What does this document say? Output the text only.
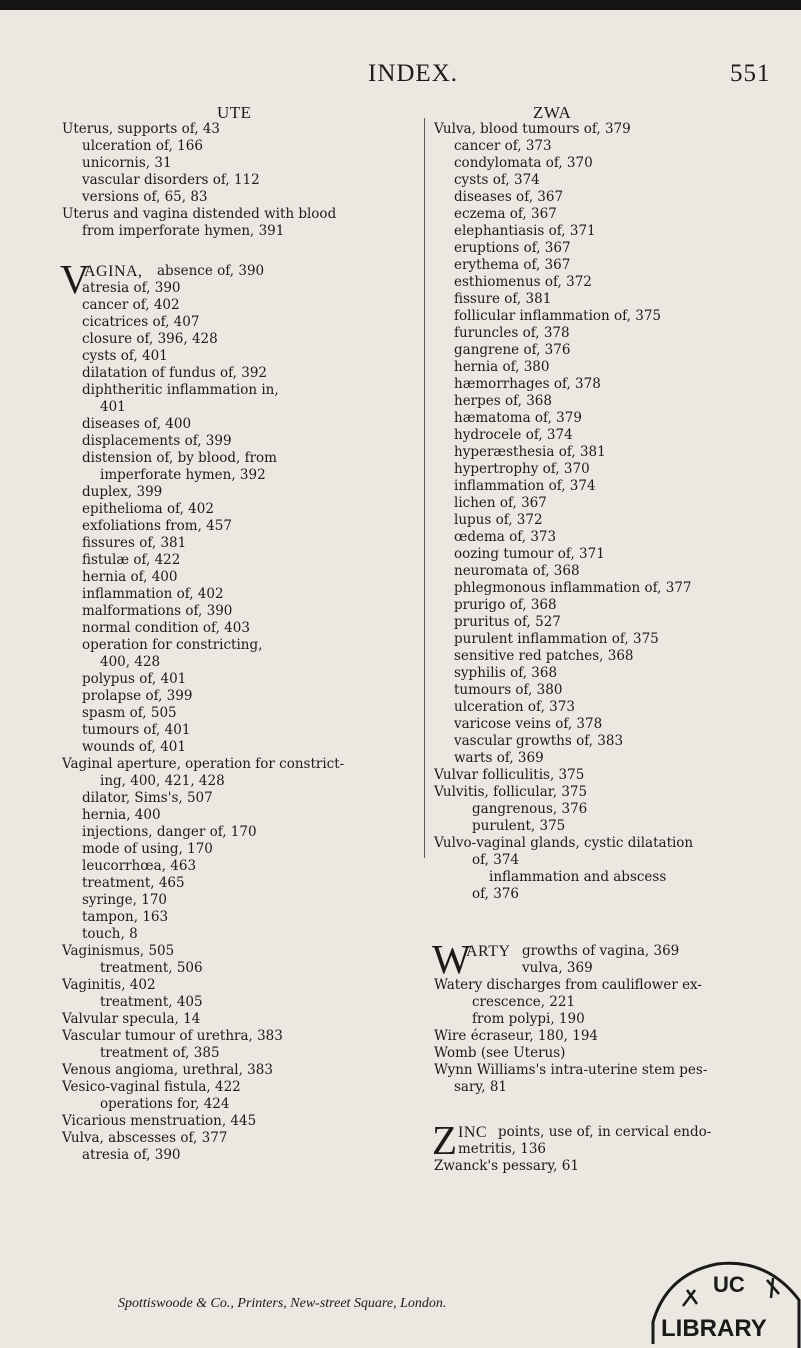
INDEX.	551
UTE	ZWA
Uterus, supports of, 43
ulceration of, 166
unicornis, 31
vascular disorders of, 112
versions of, 65, 83
Uterus and vagina distended with blood
from imperforate hymen, 391
V
AGINA, absence of, 390
atresia of, 390
cancer of, 402
cicatrices of, 407
closure of, 396, 428
cysts of, 401
dilatation of fundus of, 392
diphtheritic inflammation in,
401
diseases of, 400
displacements of, 399
distension of, by blood, from
imperforate hymen, 392
duplex, 399
epithelioma of, 402
exfoliations from, 457
fissures of, 381
fistulæ of, 422
hernia of, 400
inflammation of, 402
malformations of, 390
normal condition of, 403
operation for constricting,
400, 428
polypus of, 401
prolapse of, 399
spasm of, 505
tumours of, 401
wounds of, 401
Vaginal aperture, operation for constrict-
ing, 400, 421, 428
dilator, Sims's, 507
hernia, 400
injections, danger of, 170
mode of using, 170
leucorrhœa, 463
treatment, 465
syringe, 170
tampon, 163
touch, 8
Vaginismus, 505
treatment, 506
Vaginitis, 402
treatment, 405
Valvular specula, 14
Vascular tumour of urethra, 383
treatment of, 385
Venous angioma, urethral, 383
Vesico-vaginal fistula, 422
operations for, 424
Vicarious menstruation, 445
Vulva, abscesses of, 377
atresia of, 390
Vulva, blood tumours of, 379
cancer of, 373
condylomata of, 370
cysts of, 374
diseases of, 367
eczema of, 367
elephantiasis of, 371
eruptions of, 367
erythema of, 367
esthiomenus of, 372
fissure of, 381
follicular inflammation of, 375
furuncles of, 378
gangrene of, 376
hernia of, 380
hæmorrhages of, 378
herpes of, 368
hæmatoma of, 379
hydrocele of, 374
hyperæsthesia of, 381
hypertrophy of, 370
inflammation of, 374
lichen of, 367
lupus of, 372
œdema of, 373
oozing tumour of, 371
neuromata of, 368
phlegmonous inflammation of, 377
prurigo of, 368
pruritus of, 527
purulent inflammation of, 375
sensitive red patches, 368
syphilis of, 368
tumours of, 380
ulceration of, 373
varicose veins of, 378
vascular growths of, 383
warts of, 369
Vulvar folliculitis, 375
Vulvitis, follicular, 375
gangrenous, 376
purulent, 375
Vulvo-vaginal glands, cystic dilatation
of, 374
inflammation and abscess
of, 376
W
ARTY growths of vagina, 369
vulva, 369
Watery discharges from cauliflower ex-
crescence, 221
from polypi, 190
Wire écraseur, 180, 194
Womb (see Uterus)
Wynn Williams's intra-uterine stem pes-
sary, 81
Z INC points, use of, in cervical endo-
metritis, 136
Zwanck's pessary, 61
Spottiswoode & Co., Printers, New-street Square, London.
UC
LIBRARY
